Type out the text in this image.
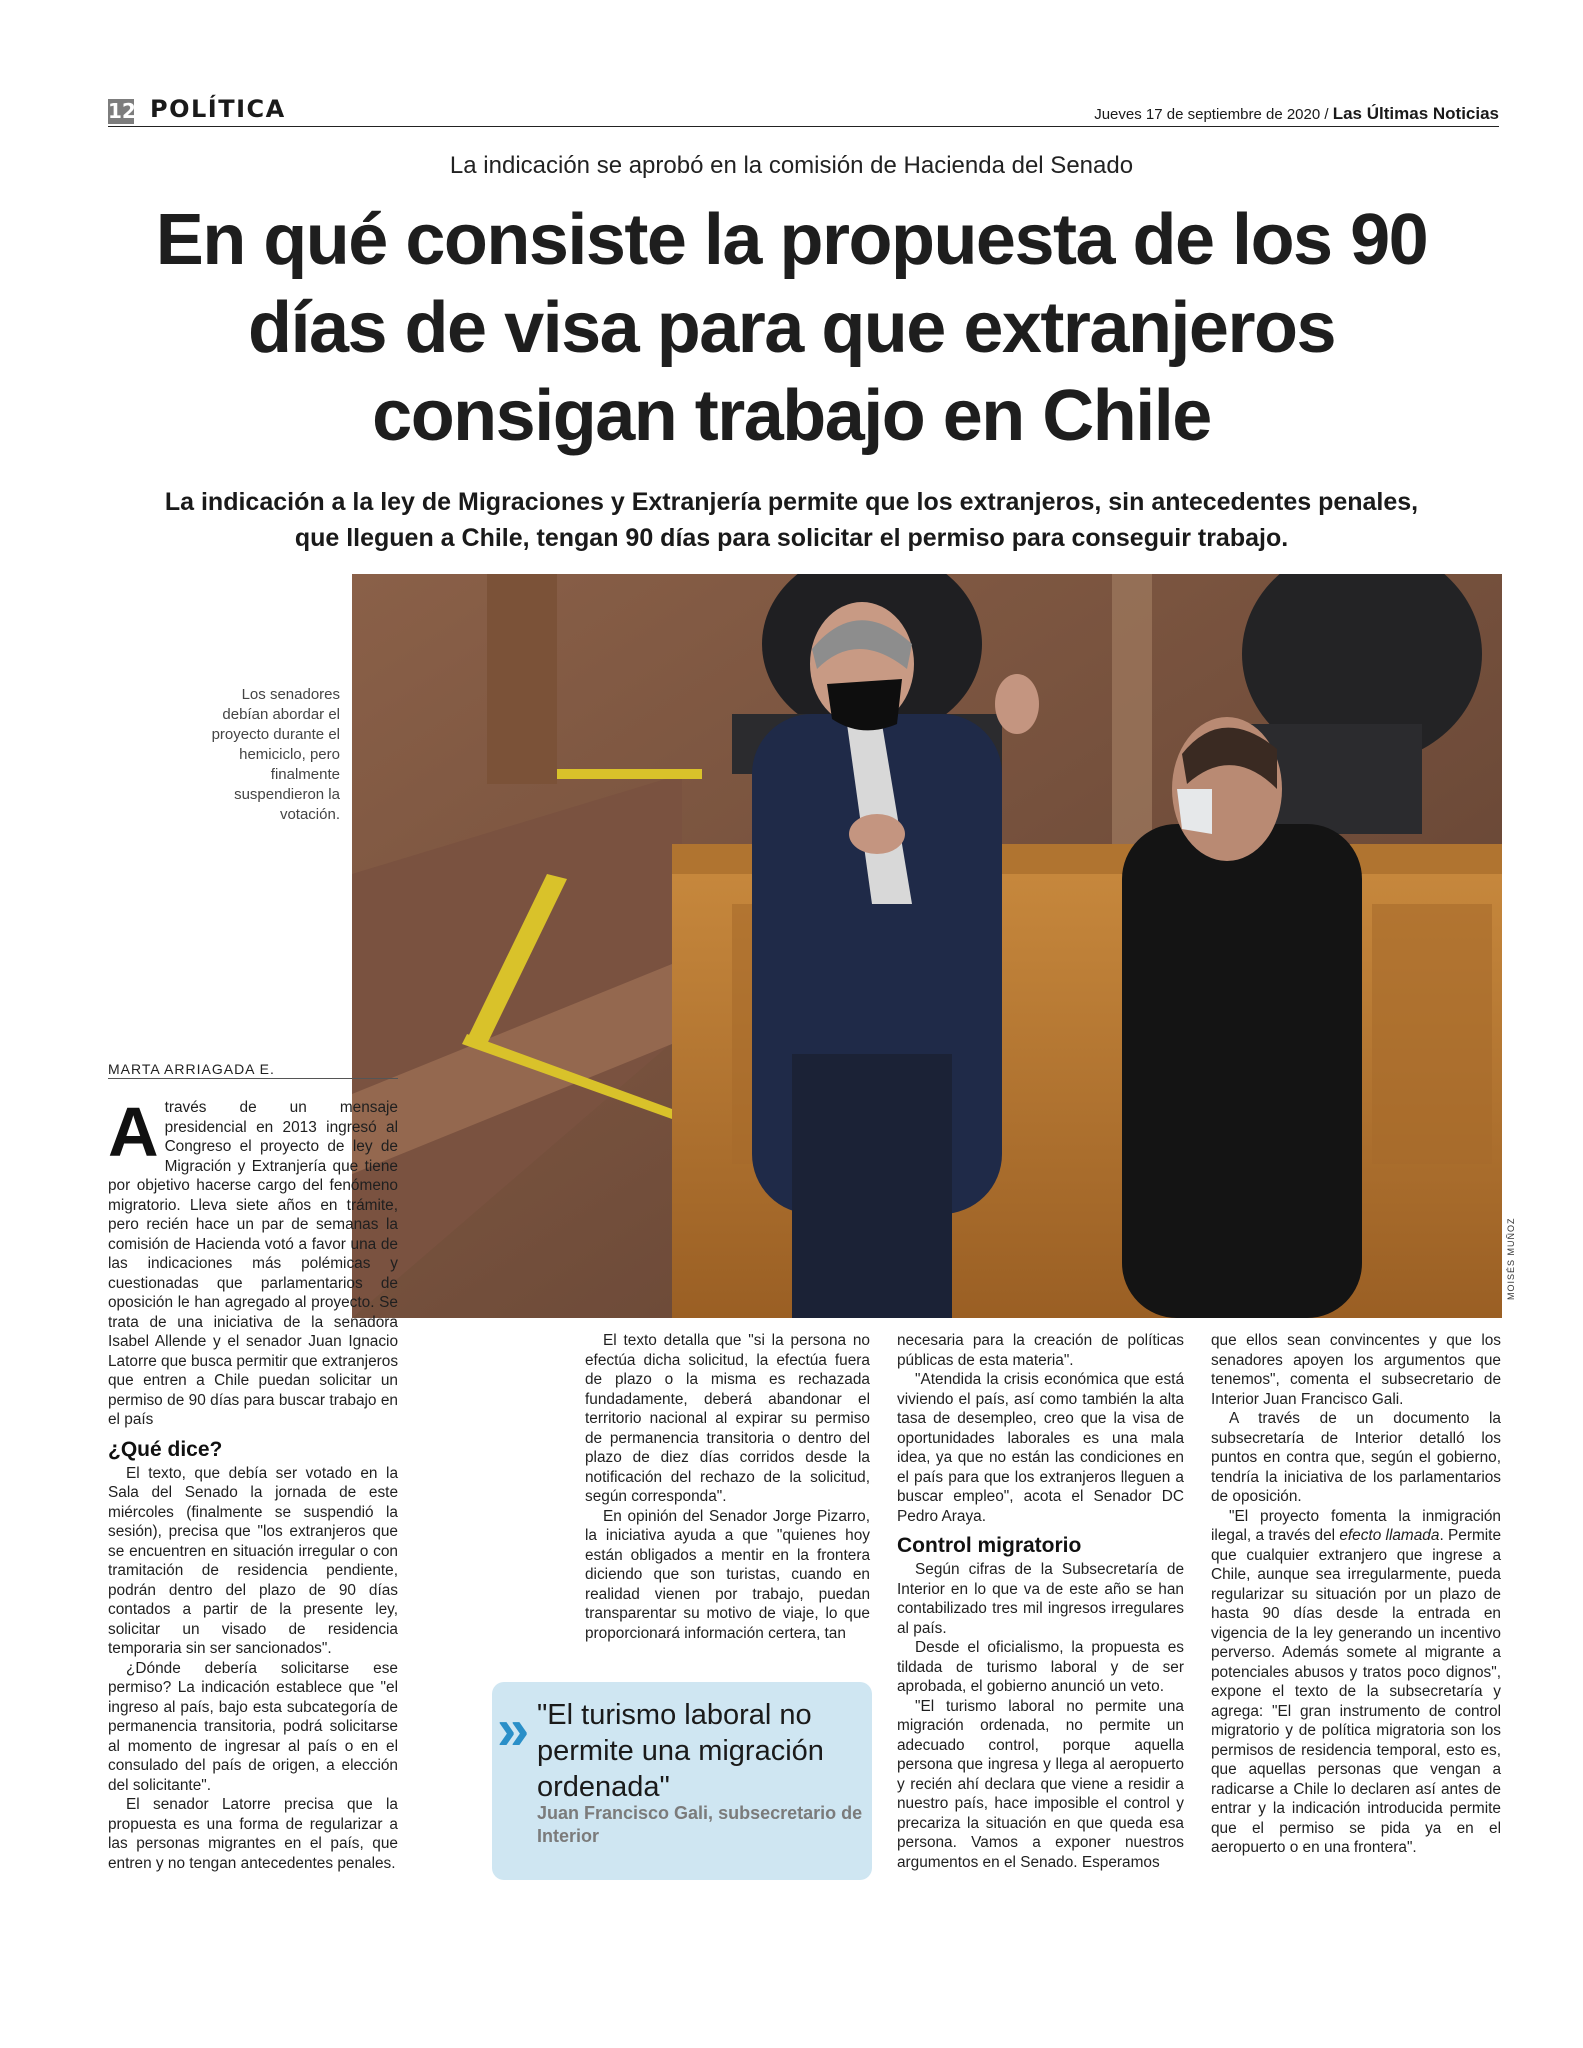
12 POLÍTICA	Jueves 17 de septiembre de 2020 / Las Últimas Noticias
La indicación se aprobó en la comisión de Hacienda del Senado
En qué consiste la propuesta de los 90 días de visa para que extranjeros consigan trabajo en Chile
La indicación a la ley de Migraciones y Extranjería permite que los extranjeros, sin antecedentes penales, que lleguen a Chile, tengan 90 días para solicitar el permiso para conseguir trabajo.
MOISÉS MUÑOZ
Los senadores debían abordar el proyecto durante el hemiciclo, pero finalmente suspendieron la votación.
MARTA ARRIAGADA E.

Através de un mensaje presidencial en 2013 ingresó al Congreso el proyecto de ley de Migración y Extranjería que tiene por objetivo hacerse cargo del fenómeno migratorio. Lleva siete años en trámite, pero recién hace un par de semanas la comisión de Hacienda votó a favor una de las indicaciones más polémicas y cuestionadas que parlamentarios de oposición le han agregado al proyecto. Se trata de una iniciativa de la senadora Isabel Allende y el senador Juan Ignacio Latorre que busca permitir que extranjeros que entren a Chile puedan solicitar un permiso de 90 días para buscar trabajo en el país

¿Qué dice?

El texto, que debía ser votado en la Sala del Senado la jornada de este miércoles (finalmente se suspendió la sesión), precisa que "los extranjeros que se encuentren en situación irregular o con tramitación de residencia pendiente, podrán dentro del plazo de 90 días contados a partir de la presente ley, solicitar un visado de residencia temporaria sin ser sancionados".

¿Dónde debería solicitarse ese permiso? La indicación establece que "el ingreso al país, bajo esta subcategoría de permanencia transitoria, podrá solicitarse al momento de ingresar al país o en el consulado del país de origen, a elección del solicitante".

El senador Latorre precisa que la propuesta es una forma de regularizar a las personas migrantes en el país, que entren y no tengan antecedentes penales.

El texto detalla que "si la persona no efectúa dicha solicitud, la efectúa fuera de plazo o la misma es rechazada fundadamente, deberá abandonar el territorio nacional al expirar su permiso de permanencia transitoria o dentro del plazo de diez días corridos desde la notificación del rechazo de la solicitud, según corresponda".

En opinión del Senador Jorge Pizarro, la iniciativa ayuda a que "quienes hoy están obligados a mentir en la frontera diciendo que son turistas, cuando en realidad vienen por trabajo, puedan transparentar su motivo de viaje, lo que proporcionará información certera, tan

» "El turismo laboral no permite una migración ordenada"
Juan Francisco Gali, subsecretario de Interior

necesaria para la creación de políticas públicas de esta materia".

"Atendida la crisis económica que está viviendo el país, así como también la alta tasa de desempleo, creo que la visa de oportunidades laborales es una mala idea, ya que no están las condiciones en el país para que los extranjeros lleguen a buscar empleo", acota el Senador DC Pedro Araya.

Control migratorio

Según cifras de la Subsecretaría de Interior en lo que va de este año se han contabilizado tres mil ingresos irregulares al país.

Desde el oficialismo, la propuesta es tildada de turismo laboral y de ser aprobada, el gobierno anunció un veto.

"El turismo laboral no permite una migración ordenada, no permite un adecuado control, porque aquella persona que ingresa y llega al aeropuerto y recién ahí declara que viene a residir a nuestro país, hace imposible el control y precariza la situación en que queda esa persona. Vamos a exponer nuestros argumentos en el Senado. Esperamos

que ellos sean convincentes y que los senadores apoyen los argumentos que tenemos", comenta el subsecretario de Interior Juan Francisco Gali.

A través de un documento la subsecretaría de Interior detalló los puntos en contra que, según el gobierno, tendría la iniciativa de los parlamentarios de oposición.

"El proyecto fomenta la inmigración ilegal, a través del efecto llamada. Permite que cualquier extranjero que ingrese a Chile, aunque sea irregularmente, pueda regularizar su situación por un plazo de hasta 90 días desde la entrada en vigencia de la ley generando un incentivo perverso. Además somete al migrante a potenciales abusos y tratos poco dignos", expone el texto de la subsecretaría y agrega: "El gran instrumento de control migratorio y de política migratoria son los permisos de residencia temporal, esto es, que aquellas personas que vengan a radicarse a Chile lo declaren así antes de entrar y la indicación introducida permite que el permiso se pida ya en el aeropuerto o en una frontera".
